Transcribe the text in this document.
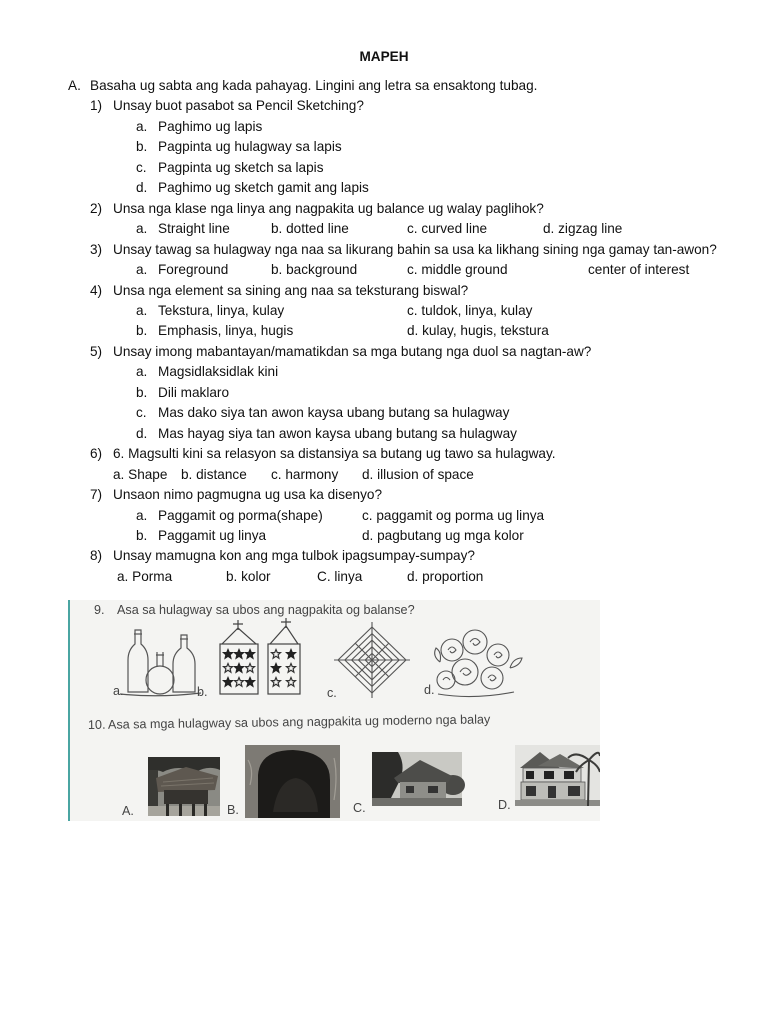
MAPEH
A. Basaha ug sabta ang kada pahayag. Lingini ang letra sa ensaktong tubag.
1) Unsay buot pasabot sa Pencil Sketching?
a. Paghimo ug lapis
b. Pagpinta ug hulagway sa lapis
c. Pagpinta ug sketch sa lapis
d. Paghimo ug sketch gamit ang lapis
2) Unsa nga klase nga linya ang nagpakita ug balance ug walay paglihok?
a. Straight line	b. dotted line	c. curved line	d. zigzag line
3) Unsay tawag sa hulagway nga naa sa likurang bahin sa usa ka likhang sining nga gamay tan-awon?
a. Foreground	b. background	c. middle ground	center of interest
4) Unsa nga element sa sining ang naa sa teksturang biswal?
a. Tekstura, linya, kulay	c. tuldok, linya, kulay
b. Emphasis, linya, hugis	d. kulay, hugis, tekstura
5) Unsay imong mabantayan/mamatikdan sa mga butang nga duol sa nagtan-aw?
a. Magsidlaksidlak kini
b. Dili maklaro
c. Mas dako siya tan awon kaysa ubang butang sa hulagway
d. Mas hayag siya tan awon kaysa ubang butang sa hulagway
6) 6. Magsulti kini sa relasyon sa distansiya sa butang ug tawo sa hulagway.
a. Shape b. distance c. harmony d. illusion of space
7) Unsaon nimo pagmugna ug usa ka disenyo?
a. Paggamit og porma(shape)	c. paggamit og porma ug linya
b. Paggamit ug linya	d. pagbutang ug mga kolor
8) Unsay mamugna kon ang mga tulbok ipagsumpay-sumpay?
a. Porma	b. kolor	C. linya	d. proportion
9. Asa sa hulagway sa ubos ang nagpakita og balanse?
a.	b.	c.	d.
10. Asa sa mga hulagway sa ubos ang nagpakita ug moderno nga balay
A.	B.	C.	D.
